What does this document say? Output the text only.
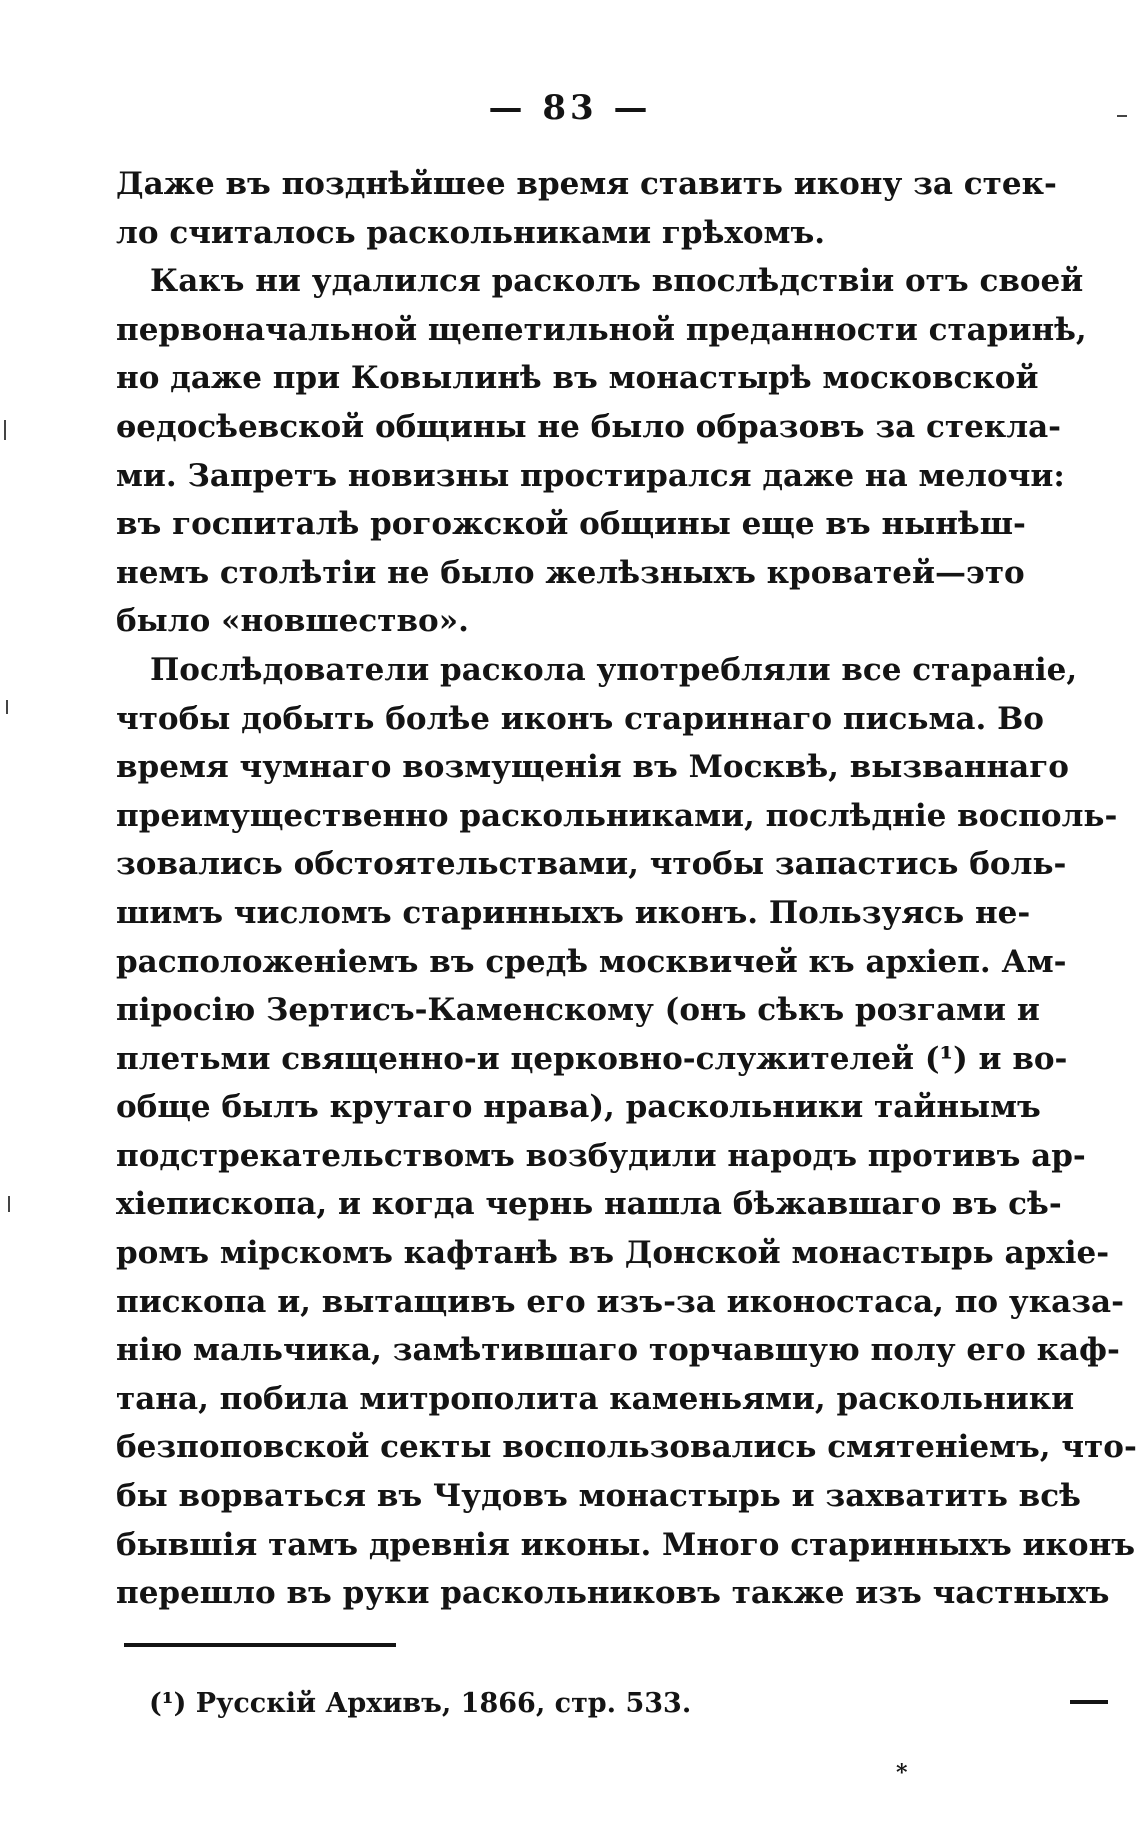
— 83 —
Даже въ позднѣйшее время ставить икону за стек-
ло считалось раскольниками грѣхомъ.
Какъ ни удалился расколъ впослѣдствіи отъ своей
первоначальной щепетильной преданности старинѣ,
но даже при Ковылинѣ въ монастырѣ московской
ѳедосѣевской общины не было образовъ за стекла-
ми. Запретъ новизны простирался даже на мелочи:
въ госпиталѣ рогожской общины еще въ нынѣш-
немъ столѣтіи не было желѣзныхъ кроватей—это
было «новшество».
Послѣдователи раскола употребляли все стараніе,
чтобы добыть болѣе иконъ стариннаго письма. Во
время чумнаго возмущенія въ Москвѣ, вызваннаго
преимущественно раскольниками, послѣдніе восполь-
зовались обстоятельствами, чтобы запастись боль-
шимъ числомъ старинныхъ иконъ. Пользуясь не-
расположеніемъ въ средѣ москвичей къ архіеп. Ам-
піросію Зертисъ-Каменскому (онъ сѣкъ розгами и
плетьми священно-и церковно-служителей (¹) и во-
обще былъ крутаго нрава), раскольники тайнымъ
подстрекательствомъ возбудили народъ противъ ар-
хіепископа, и когда чернь нашла бѣжавшаго въ сѣ-
ромъ мірскомъ кафтанѣ въ Донской монастырь архіе-
пископа и, вытащивъ его изъ-за иконостаса, по указа-
нію мальчика, замѣтившаго торчавшую полу его каф-
тана, побила митрополита каменьями, раскольники
безпоповской секты воспользовались смятеніемъ, что-
бы ворваться въ Чудовъ монастырь и захватить всѣ
бывшія тамъ древнія иконы. Много старинныхъ иконъ
перешло въ руки раскольниковъ также изъ частныхъ
(¹) Русскій Архивъ, 1866, стр. 533.
*
